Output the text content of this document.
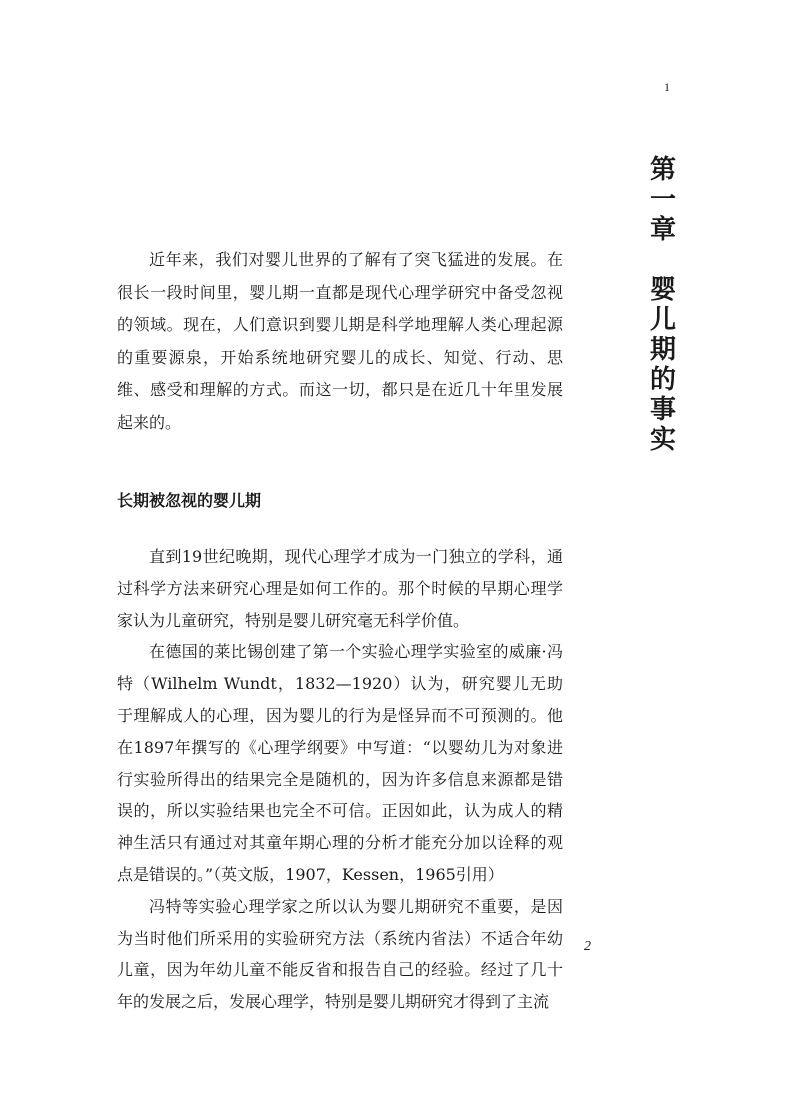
1
第
一
章
婴
儿
期
的
事
实

近年来，我们对婴儿世界的了解有了突飞猛进的发展。在很长一段时间里，婴儿期一直都是现代心理学研究中备受忽视的领域。现在，人们意识到婴儿期是科学地理解人类心理起源的重要源泉，开始系统地研究婴儿的成长、知觉、行动、思维、感受和理解的方式。而这一切，都只是在近几十年里发展起来的。

长期被忽视的婴儿期

直到19世纪晚期，现代心理学才成为一门独立的学科，通过科学方法来研究心理是如何工作的。那个时候的早期心理学家认为儿童研究，特别是婴儿研究毫无科学价值。

在德国的莱比锡创建了第一个实验心理学实验室的威廉·冯特（Wilhelm Wundt，1832—1920）认为，研究婴儿无助于理解成人的心理，因为婴儿的行为是怪异而不可预测的。他在1897年撰写的《心理学纲要》中写道：“以婴幼儿为对象进行实验所得出的结果完全是随机的，因为许多信息来源都是错误的，所以实验结果也完全不可信。正因如此，认为成人的精神生活只有通过对其童年期心理的分析才能充分加以诠释的观点是错误的。”（英文版，1907，Kessen，1965引用）

冯特等实验心理学家之所以认为婴儿期研究不重要，是因为当时他们所采用的实验研究方法（系统内省法）不适合年幼儿童，因为年幼儿童不能反省和报告自己的经验。经过了几十年的发展之后，发展心理学，特别是婴儿期研究才得到了主流

2
